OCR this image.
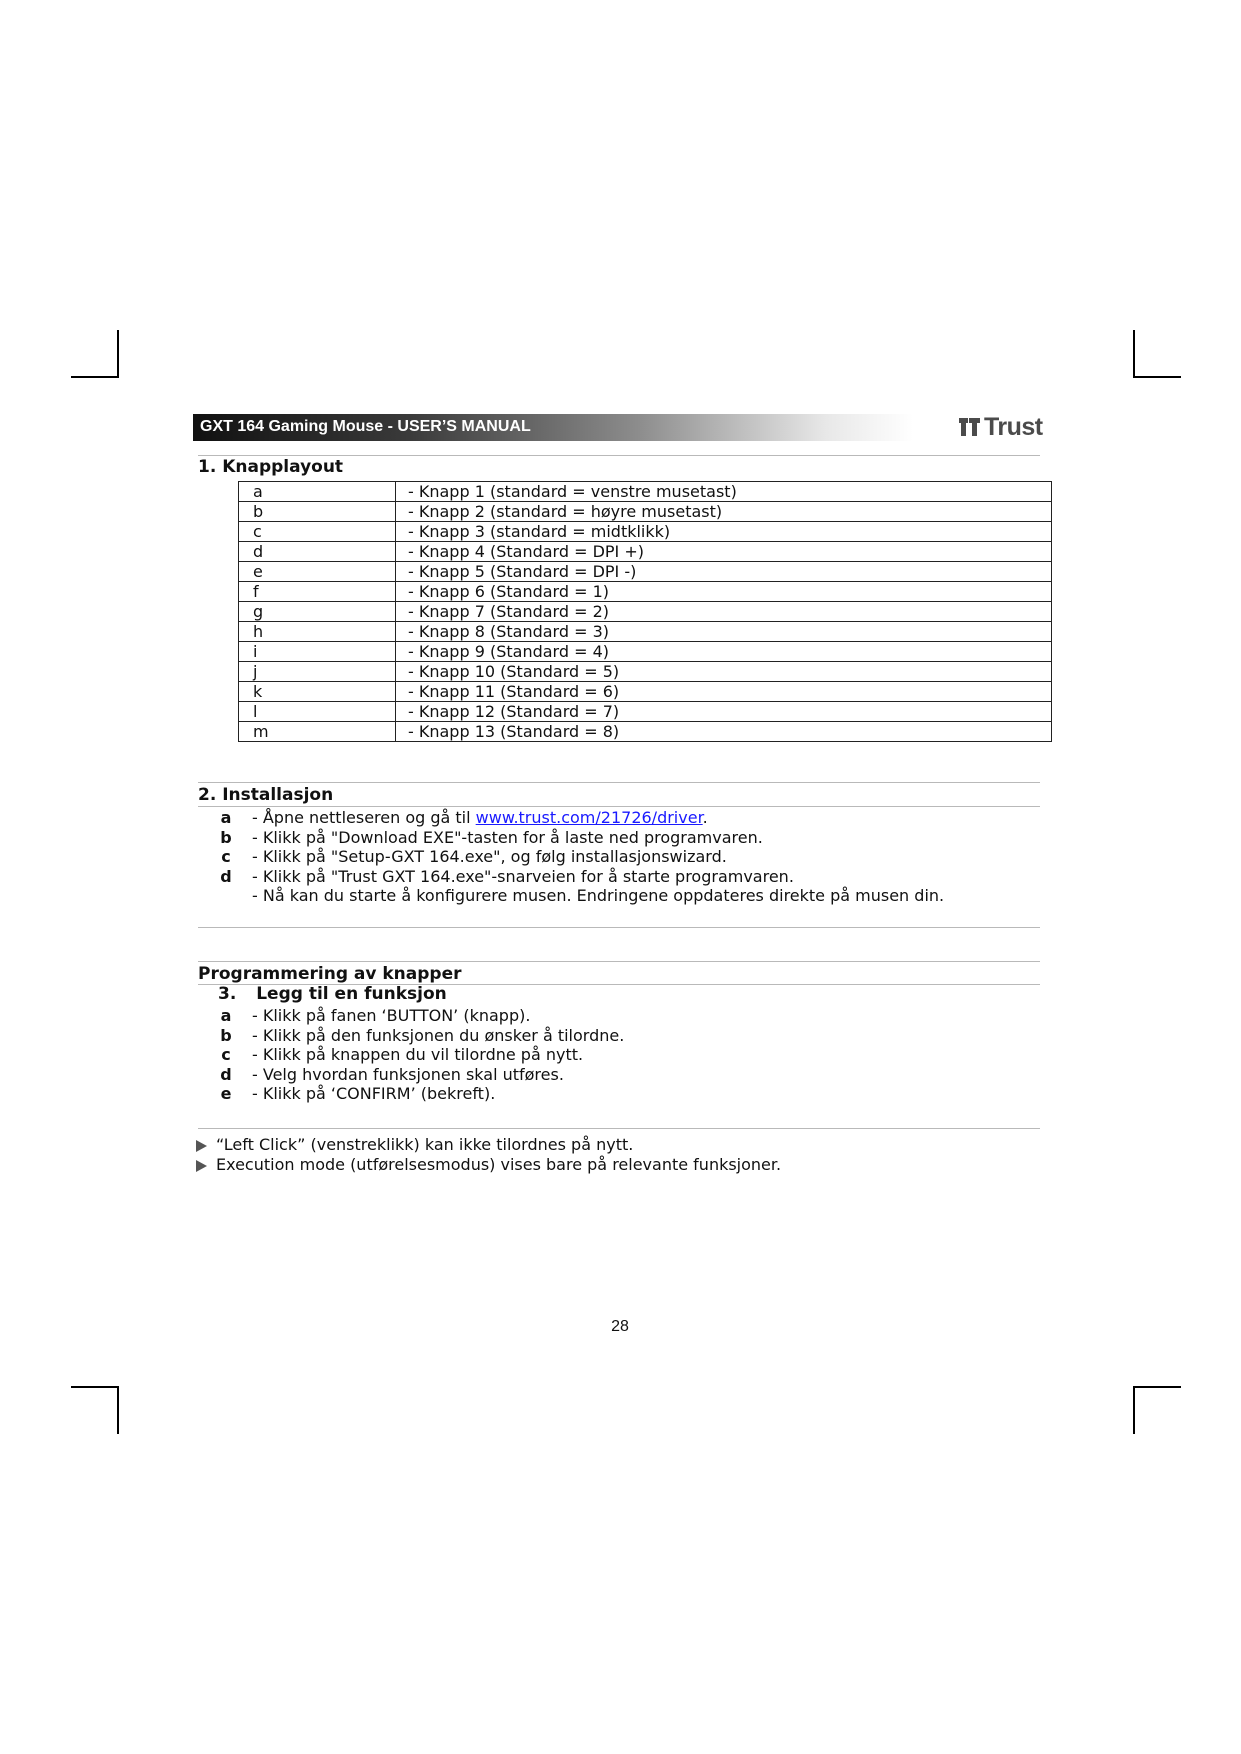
GXT 164 Gaming Mouse - USER’S MANUAL	Trust
1. Knapplayout
a	- Knapp 1 (standard = venstre musetast)
b	- Knapp 2 (standard = høyre musetast)
c	- Knapp 3 (standard = midtklikk)
d	- Knapp 4 (Standard = DPI +)
e	- Knapp 5 (Standard = DPI -)
f	- Knapp 6 (Standard = 1)
g	- Knapp 7 (Standard = 2)
h	- Knapp 8 (Standard = 3)
i	- Knapp 9 (Standard = 4)
j	- Knapp 10 (Standard = 5)
k	- Knapp 11 (Standard = 6)
l	- Knapp 12 (Standard = 7)
m	- Knapp 13 (Standard = 8)
2. Installasjon
a - Åpne nettleseren og gå til www.trust.com/21726/driver.
b - Klikk på "Download EXE"-tasten for å laste ned programvaren.
c	- Klikk på "Setup-GXT 164.exe", og følg installasjonswizard.
d - Klikk på "Trust GXT 164.exe"-snarveien for å starte programvaren.
- Nå kan du starte å konfigurere musen. Endringene oppdateres direkte på musen din.
Programmering av knapper
3. Legg til en funksjon
a - Klikk på fanen ‘BUTTON’ (knapp).
b - Klikk på den funksjonen du ønsker å tilordne.
c	- Klikk på knappen du vil tilordne på nytt.
d - Velg hvordan funksjonen skal utføres.
e - Klikk på ‘CONFIRM’ (bekreft).
“Left Click” (venstreklikk) kan ikke tilordnes på nytt.
Execution mode (utførelsesmodus) vises bare på relevante funksjoner.
28
